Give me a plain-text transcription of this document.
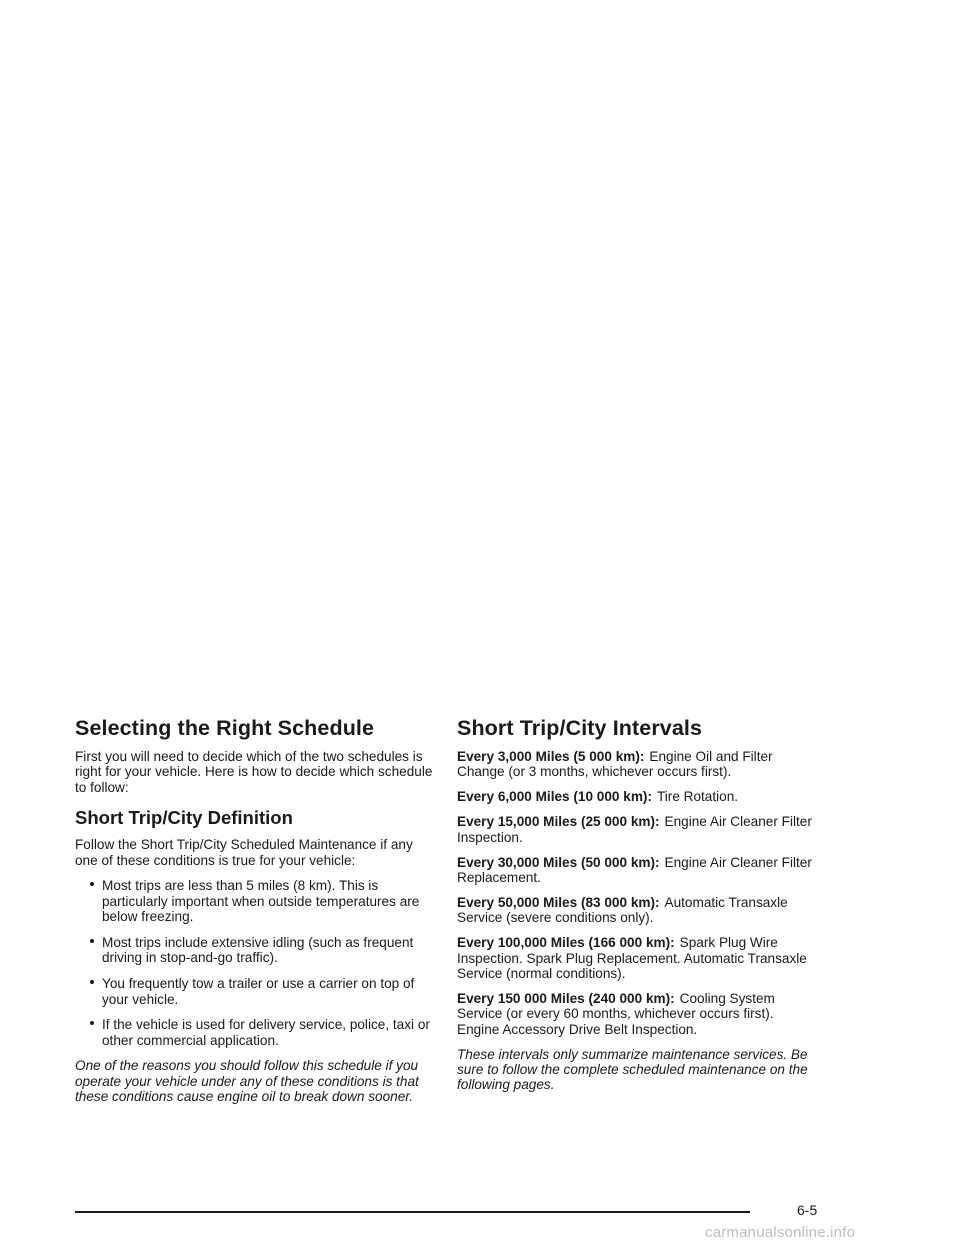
Selecting the Right Schedule

First you will need to decide which of the two schedules is right for your vehicle. Here is how to decide which schedule to follow:

Short Trip/City Definition

Follow the Short Trip/City Scheduled Maintenance if any one of these conditions is true for your vehicle:

Most trips are less than 5 miles (8 km). This is particularly important when outside temperatures are below freezing.
Most trips include extensive idling (such as frequent driving in stop-and-go traffic).
You frequently tow a trailer or use a carrier on top of your vehicle.
If the vehicle is used for delivery service, police, taxi or other commercial application.

One of the reasons you should follow this schedule if you operate your vehicle under any of these conditions is that these conditions cause engine oil to break down sooner.

Short Trip/City Intervals
Every 3,000 Miles (5 000 km): Engine Oil and Filter Change (or 3 months, whichever occurs first).
Every 6,000 Miles (10 000 km): Tire Rotation.
Every 15,000 Miles (25 000 km): Engine Air Cleaner Filter Inspection.
Every 30,000 Miles (50 000 km): Engine Air Cleaner Filter Replacement.
Every 50,000 Miles (83 000 km): Automatic Transaxle Service (severe conditions only).
Every 100,000 Miles (166 000 km): Spark Plug Wire Inspection. Spark Plug Replacement. Automatic Transaxle Service (normal conditions).
Every 150 000 Miles (240 000 km): Cooling System Service (or every 60 months, whichever occurs first). Engine Accessory Drive Belt Inspection.

These intervals only summarize maintenance services. Be sure to follow the complete scheduled maintenance on the following pages.

6-5
carmanualsonline.info
